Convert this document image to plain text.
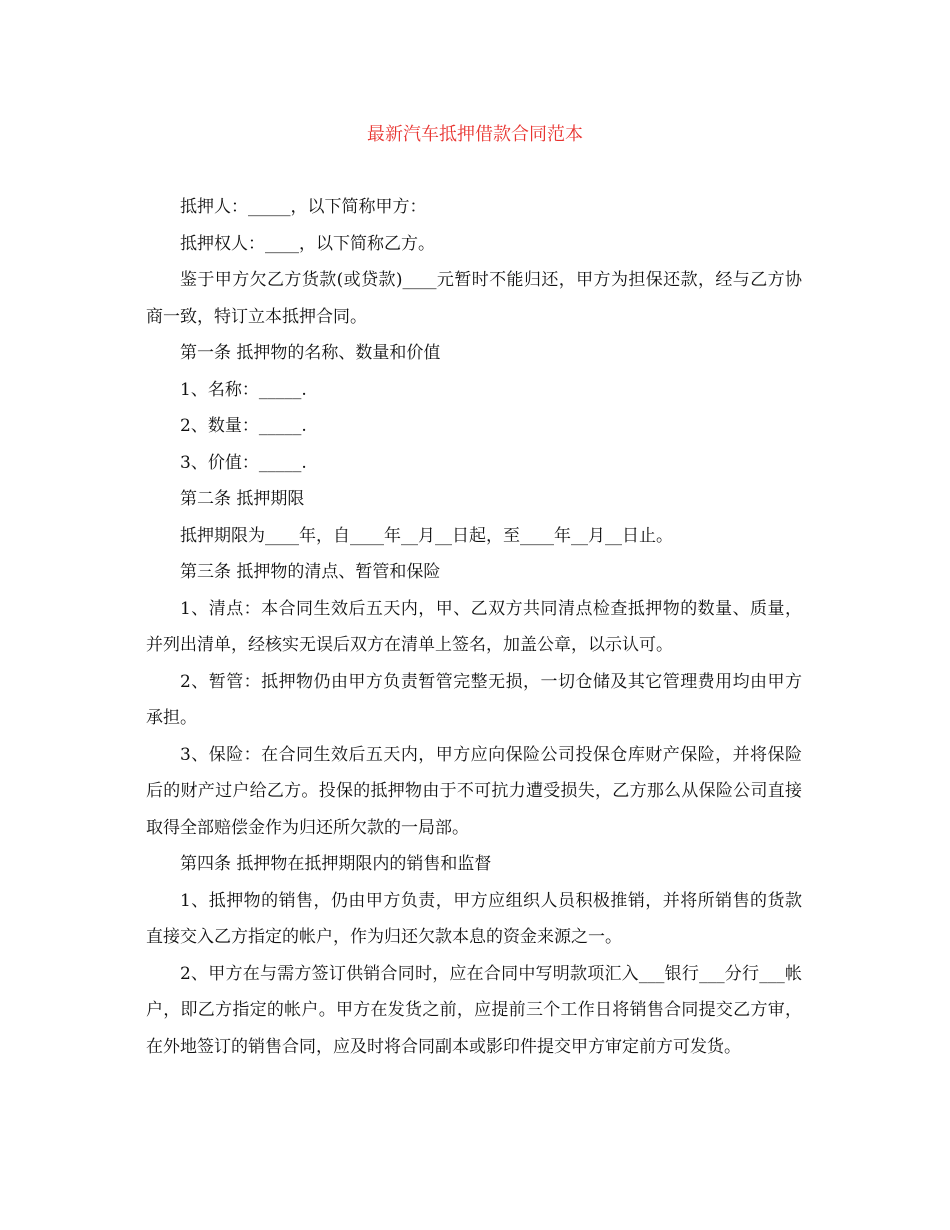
最新汽车抵押借款合同范本

抵押人：_____，以下简称甲方：

抵押权人：____，以下简称乙方。

鉴于甲方欠乙方货款(或贷款)____元暂时不能归还，甲方为担保还款，经与乙方协商一致，特订立本抵押合同。

第一条 抵押物的名称、数量和价值

1、名称：_____.

2、数量：_____.

3、价值：_____.

第二条 抵押期限

抵押期限为____年，自____年__月__日起，至____年__月__日止。

第三条 抵押物的清点、暂管和保险

1、清点：本合同生效后五天内，甲、乙双方共同清点检查抵押物的数量、质量，并列出清单，经核实无误后双方在清单上签名，加盖公章，以示认可。

2、暂管：抵押物仍由甲方负责暂管完整无损，一切仓储及其它管理费用均由甲方承担。

3、保险：在合同生效后五天内，甲方应向保险公司投保仓库财产保险，并将保险后的财产过户给乙方。投保的抵押物由于不可抗力遭受损失，乙方那么从保险公司直接取得全部赔偿金作为归还所欠款的一局部。

第四条 抵押物在抵押期限内的销售和监督

1、抵押物的销售，仍由甲方负责，甲方应组织人员积极推销，并将所销售的货款直接交入乙方指定的帐户，作为归还欠款本息的资金来源之一。

2、甲方在与需方签订供销合同时，应在合同中写明款项汇入___银行___分行___帐户，即乙方指定的帐户。甲方在发货之前，应提前三个工作日将销售合同提交乙方审，在外地签订的销售合同，应及时将合同副本或影印件提交甲方审定前方可发货。
